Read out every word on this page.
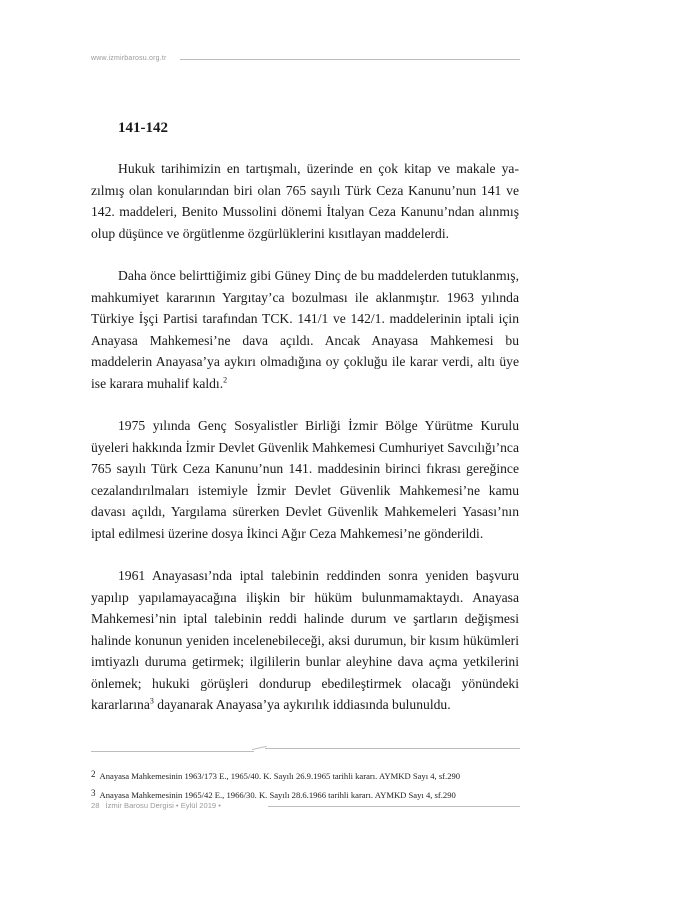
www.izmirbarosu.org.tr
141-142

Hukuk tarihimizin en tartışmalı, üzerinde en çok kitap ve makale yazılmış olan konularından biri olan 765 sayılı Türk Ceza Kanunu’nun 141 ve 142. maddeleri, Benito Mussolini dönemi İtalyan Ceza Kanunu’ndan alınmış olup düşünce ve örgütlenme özgürlüklerini kısıtlayan maddelerdi.

Daha önce belirttiğimiz gibi Güney Dinç de bu maddelerden tutuklanmış, mahkumiyet kararının Yargıtay’ca bozulması ile aklanmıştır. 1963 yılında Türkiye İşçi Partisi tarafından TCK. 141/1 ve 142/1. maddelerinin iptali için Anayasa Mahkemesi’ne dava açıldı. Ancak Anayasa Mahkemesi bu maddelerin Anayasa’ya aykırı olmadığına oy çokluğu ile karar verdi, altı üye ise karara muhalif kaldı.$^2$

1975 yılında Genç Sosyalistler Birliği İzmir Bölge Yürütme Kurulu üyeleri hakkında İzmir Devlet Güvenlik Mahkemesi Cumhuriyet Savcılığı’nca 765 sayılı Türk Ceza Kanunu’nun 141. maddesinin birinci fıkrası gereğince cezalandırılmaları istemiyle İzmir Devlet Güvenlik Mahkemesi’ne kamu davası açıldı, Yargılama sürerken Devlet Güvenlik Mahkemeleri Yasası’nın iptal edilmesi üzerine dosya İkinci Ağır Ceza Mahkemesi’ne gönderildi.

1961 Anayasası’nda iptal talebinin reddinden sonra yeniden başvuru yapılıp yapılamayacağına ilişkin bir hüküm bulunmamaktaydı. Anayasa Mahkemesi’nin iptal talebinin reddi halinde durum ve şartların değişmesi halinde konunun yeniden incelenebileceği, aksi durumun, bir kısım hükümleri imtiyazlı duruma getirmek; ilgililerin bunlar aleyhine dava açma yetkilerini önlemek; hukuki görüşleri dondurup ebedileştirmek olacağı yönündeki kararlarına$^3$ dayanarak Anayasa’ya aykırılık iddiasında bulunuldu.

2 Anayasa Mahkemesinin 1963/173 E., 1965/40. K. Sayılı 26.9.1965 tarihli kararı. AYMKD Sayı 4, sf.290
3 Anayasa Mahkemesinin 1965/42 E., 1966/30. K. Sayılı 28.6.1966 tarihli kararı. AYMKD Sayı 4, sf.290
28 İzmir Barosu Dergisi • Eylül 2019 •
